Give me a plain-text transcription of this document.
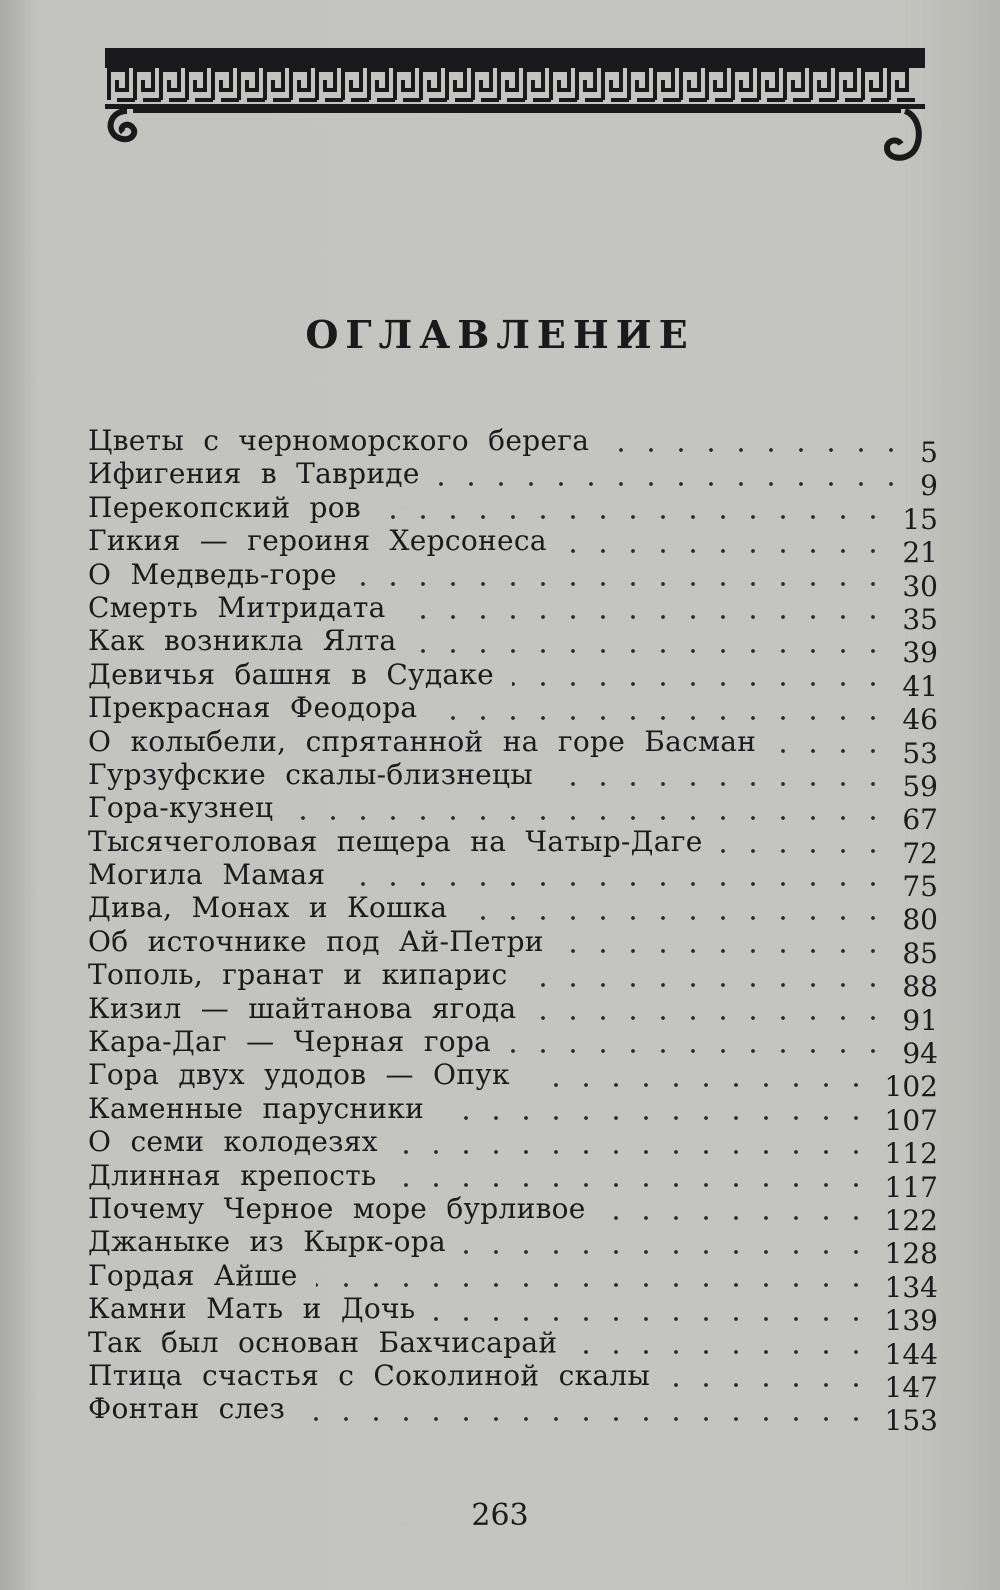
ОГЛАВЛЕНИЕ
Цветы с черноморского берега	5
Ифигения в Тавриде	9
Перекопский ров	15
Гикия — героиня Херсонеса	21
О Медведь-горе	30
Смерть Митридата	35
Как возникла Ялта	39
Девичья башня в Судаке	41
Прекрасная Феодора	46
О колыбели, спрятанной на горе Басман	53
Гурзуфские скалы-близнецы	59
Гора-кузнец	67
Тысячеголовая пещера на Чатыр-Даге	72
Могила Мамая	75
Дива, Монах и Кошка	80
Об источнике под Ай-Петри	85
Тополь, гранат и кипарис	88
Кизил — шайтанова ягода	91
Кара-Даг — Черная гора	94
Гора двух удодов — Опук	102
Каменные парусники	107
О семи колодезях	112
Длинная крепость	117
Почему Черное море бурливое	122
Джаныке из Кырк-ора	128
Гордая Айше	134
Камни Мать и Дочь	139
Так был основан Бахчисарай	144
Птица счастья с Соколиной скалы	147
Фонтан слез	153
263
